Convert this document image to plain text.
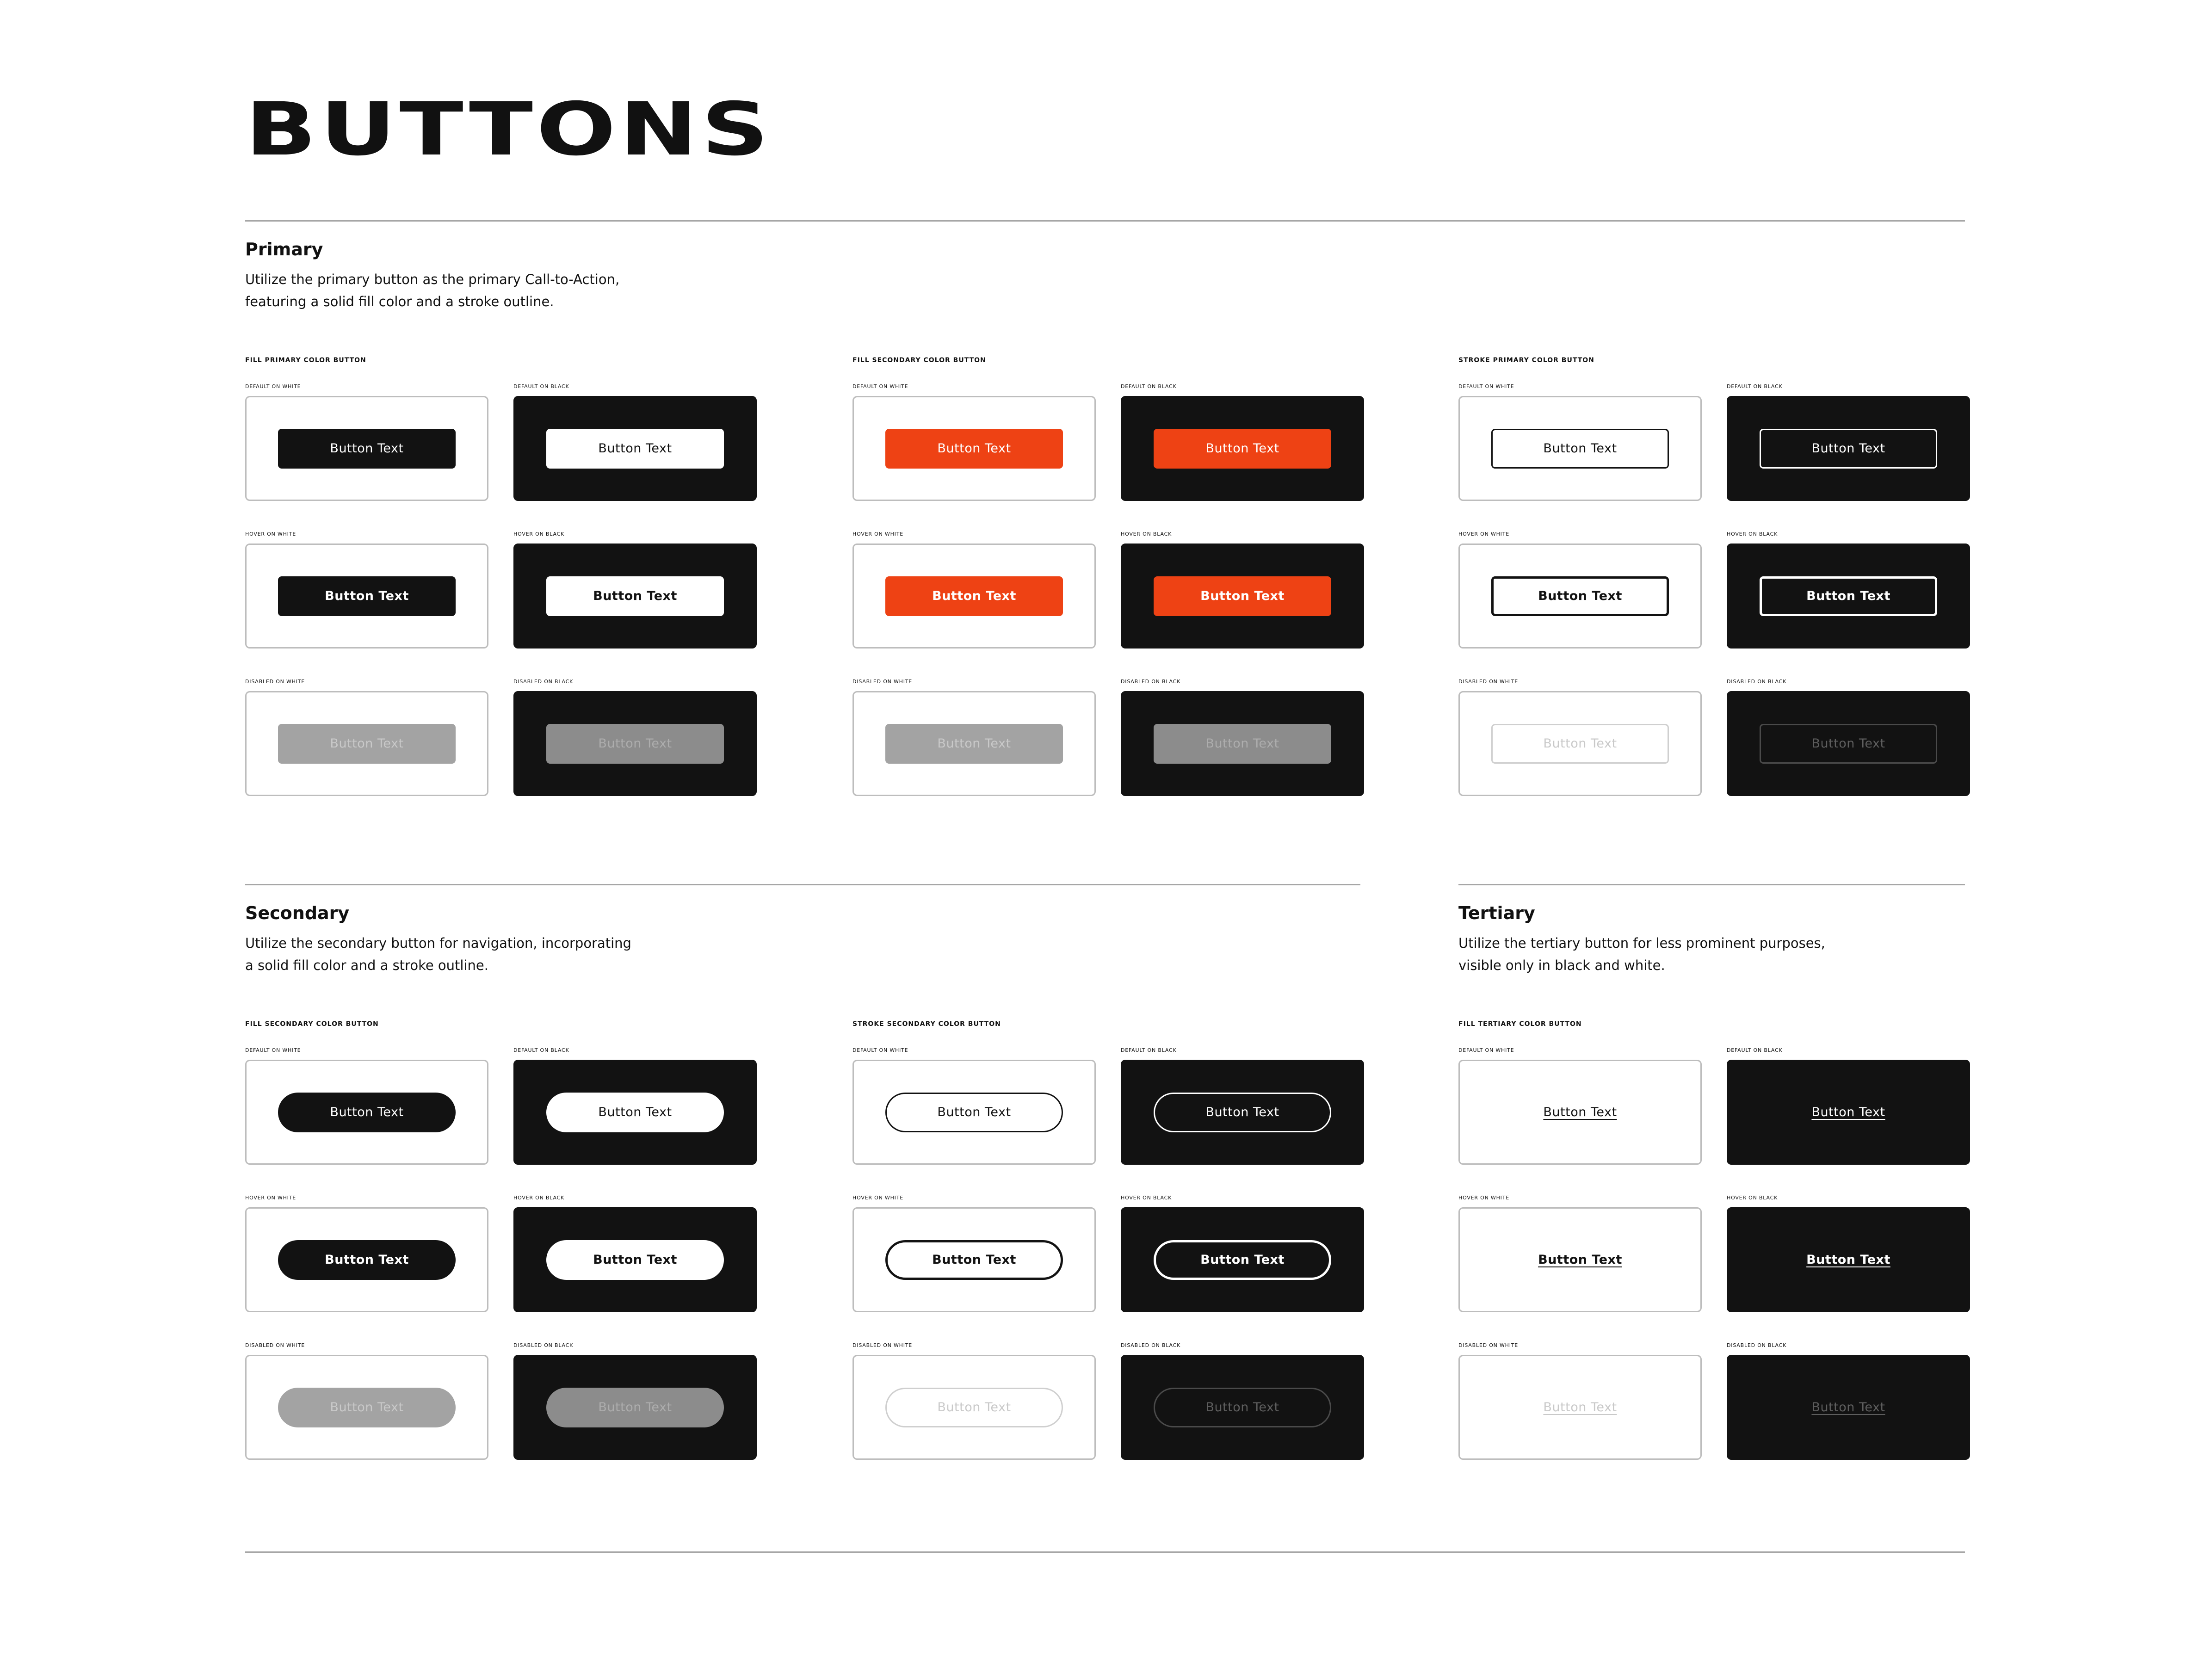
BUTTONS
Primary

Utilize the primary button as the primary Call-to-Action,
featuring a solid fill color and a stroke outline.

FILL PRIMARY COLOR BUTTON
DEFAULT ON WHITE
Button Text
DEFAULT ON BLACK
Button Text
HOVER ON WHITE
Button Text
HOVER ON BLACK
Button Text
DISABLED ON WHITE
Button Text
DISABLED ON BLACK
Button Text
FILL SECONDARY COLOR BUTTON
DEFAULT ON WHITE
Button Text
DEFAULT ON BLACK
Button Text
HOVER ON WHITE
Button Text
HOVER ON BLACK
Button Text
DISABLED ON WHITE
Button Text
DISABLED ON BLACK
Button Text
STROKE PRIMARY COLOR BUTTON
DEFAULT ON WHITE
Button Text
DEFAULT ON BLACK
Button Text
HOVER ON WHITE
Button Text
HOVER ON BLACK
Button Text
DISABLED ON WHITE
Button Text
DISABLED ON BLACK
Button Text
Secondary

Utilize the secondary button for navigation, incorporating
a solid fill color and a stroke outline.

Tertiary

Utilize the tertiary button for less prominent purposes,
visible only in black and white.

FILL SECONDARY COLOR BUTTON
DEFAULT ON WHITE
Button Text
DEFAULT ON BLACK
Button Text
HOVER ON WHITE
Button Text
HOVER ON BLACK
Button Text
DISABLED ON WHITE
Button Text
DISABLED ON BLACK
Button Text
STROKE SECONDARY COLOR BUTTON
DEFAULT ON WHITE
Button Text
DEFAULT ON BLACK
Button Text
HOVER ON WHITE
Button Text
HOVER ON BLACK
Button Text
DISABLED ON WHITE
Button Text
DISABLED ON BLACK
Button Text
FILL TERTIARY COLOR BUTTON
DEFAULT ON WHITE
Button Text
DEFAULT ON BLACK
Button Text
HOVER ON WHITE
Button Text
HOVER ON BLACK
Button Text
DISABLED ON WHITE
Button Text
DISABLED ON BLACK
Button Text
